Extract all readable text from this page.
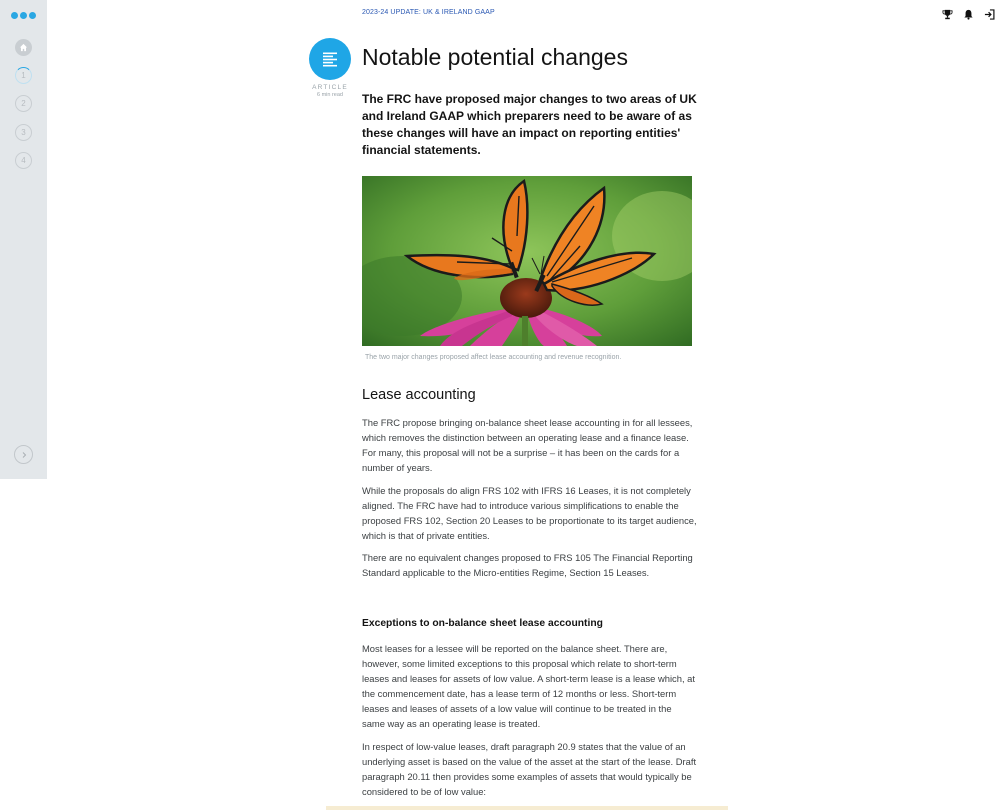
1
2
3
4
2023-24 UPDATE: UK & IRELAND GAAP
ARTICLE
6 min read
Notable potential changes

The FRC have proposed major changes to two areas of UK and Ireland GAAP which preparers need to be aware of as these changes will have an impact on reporting entities' financial statements.

The two major changes proposed affect lease accounting and revenue recognition.
Lease accounting

The FRC propose bringing on-balance sheet lease accounting in for all lessees, which removes the distinction between an operating lease and a finance lease. For many, this proposal will not be a surprise – it has been on the cards for a number of years.

While the proposals do align FRS 102 with IFRS 16 Leases, it is not completely aligned. The FRC have had to introduce various simplifications to enable the proposed FRS 102, Section 20 Leases to be proportionate to its target audience, which is that of private entities.

There are no equivalent changes proposed to FRS 105 The Financial Reporting Standard applicable to the Micro-entities Regime, Section 15 Leases.

Exceptions to on-balance sheet lease accounting

Most leases for a lessee will be reported on the balance sheet. There are, however, some limited exceptions to this proposal which relate to short-term leases and leases for assets of low value. A short-term lease is a lease which, at the commencement date, has a lease term of 12 months or less. Short-term leases and leases of assets of a low value will continue to be treated in the same way as an operating lease is treated.

In respect of low-value leases, draft paragraph 20.9 states that the value of an underlying asset is based on the value of the asset at the start of the lease. Draft paragraph 20.11 then provides some examples of assets that would typically be considered to be of low value:
